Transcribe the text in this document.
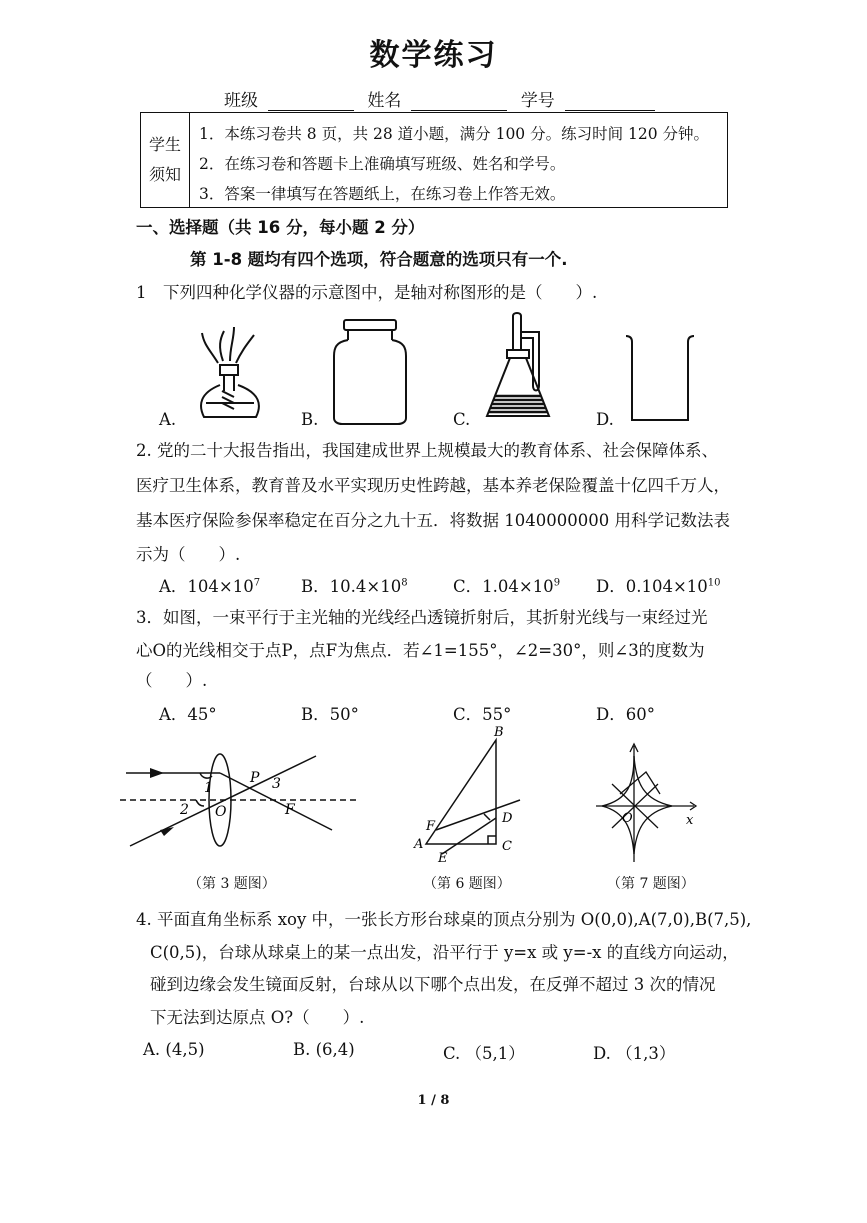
数学练习
班级	姓名	学号
学生
须知
1．本练习卷共 8 页，共 28 道小题，满分 100 分。练习时间 120 分钟。
2．在练习卷和答题卡上准确填写班级、姓名和学号。
3．答案一律填写在答题纸上，在练习卷上作答无效。
一、选择题（共 16 分，每小题 2 分）
第 1-8 题均有四个选项，符合题意的选项只有一个.
1　下列四种化学仪器的示意图中，是轴对称图形的是（　　）.
A.	B.	C.	D.
2. 党的二十大报告指出，我国建成世界上规模最大的教育体系、社会保障体系、
医疗卫生体系，教育普及水平实现历史性跨越，基本养老保险覆盖十亿四千万人，
基本医疗保险参保率稳定在百分之九十五．将数据 1040000000 用科学记数法表
示为（　　）.
A．$104\times 10^7$ B．$10.4\times 10^8$	C．$1.04\times 10^9$ D．$0.104\times 10^{10}$
3．如图，一束平行于主光轴的光线经凸透镜折射后，其折射光线与一束经过光
心O的光线相交于点P，点F为焦点．若∠1=155°，∠2=30°，则∠3的度数为
（　　）.
A．45°	B．50°	C．55°	D．60°
1
2 O
P 3
F
（第 3 题图）
B
F
D
A
E
C
（第 6 题图）
O	x
（第 7 题图）
4. 平面直角坐标系 xoy 中，一张长方形台球桌的顶点分别为 O(0,0),A(7,0),B(7,5),
C(0,5)，台球从球桌上的某一点出发，沿平行于 y=x 或 y=-x 的直线方向运动，
碰到边缘会发生镜面反射，台球从以下哪个点出发，在反弹不超过 3 次的情况
下无法到达原点 O?（　　）.
A. (4,5)	B. (6,4)	C. （5,1）	D. （1,3）
1 / 8
